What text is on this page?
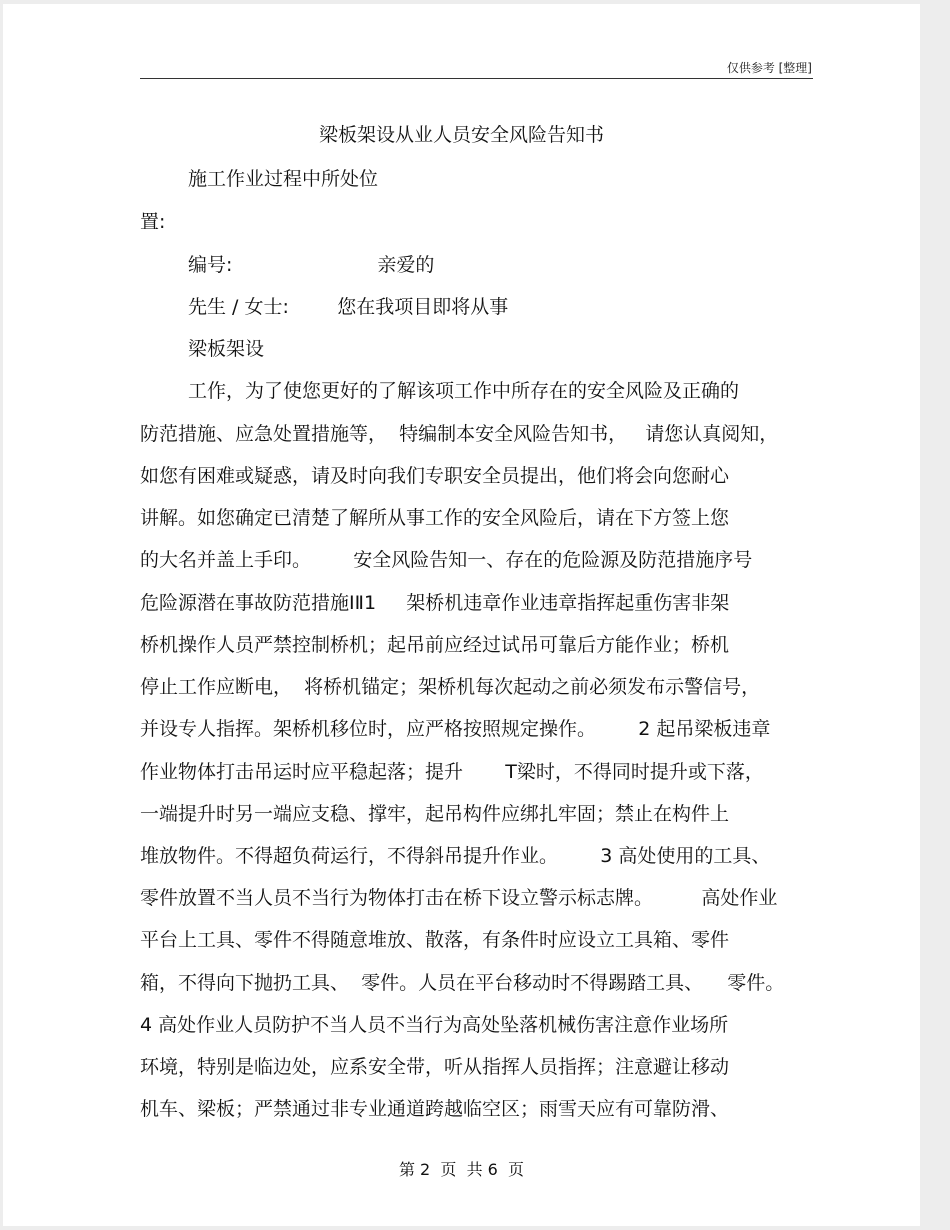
仅供参考 [整理]
梁板架设从业人员安全风险告知书
施工作业过程中所处位
置:
编号:                        亲爱的
先生 / 女士:        您在我项目即将从事
梁板架设
工作，为了使您更好的了解该项工作中所存在的安全风险及正确的
防范措施、应急处置措施等，  特编制本安全风险告知书，   请您认真阅知，
如您有困难或疑惑，请及时向我们专职安全员提出，他们将会向您耐心
讲解。如您确定已清楚了解所从事工作的安全风险后，请在下方签上您
的大名并盖上手印。       安全风险告知一、存在的危险源及防范措施序号
危险源潜在事故防范措施ⅠⅡ1     架桥机违章作业违章指挥起重伤害非架
桥机操作人员严禁控制桥机；起吊前应经过试吊可靠后方能作业；桥机
停止工作应断电，  将桥机锚定；架桥机每次起动之前必须发布示警信号，
并设专人指挥。架桥机移位时，应严格按照规定操作。       2 起吊梁板违章
作业物体打击吊运时应平稳起落；提升       T梁时，不得同时提升或下落，
一端提升时另一端应支稳、撑牢，起吊构件应绑扎牢固；禁止在构件上
堆放物件。不得超负荷运行，不得斜吊提升作业。       3 高处使用的工具、
零件放置不当人员不当行为物体打击在桥下设立警示标志牌。        高处作业
平台上工具、零件不得随意堆放、散落，有条件时应设立工具箱、零件
箱，不得向下抛扔工具、  零件。人员在平台移动时不得踢踏工具、    零件。
4 高处作业人员防护不当人员不当行为高处坠落机械伤害注意作业场所
环境，特别是临边处，应系安全带，听从指挥人员指挥；注意避让移动
机车、梁板；严禁通过非专业通道跨越临空区；雨雪天应有可靠防滑、
第 2  页  共 6  页
